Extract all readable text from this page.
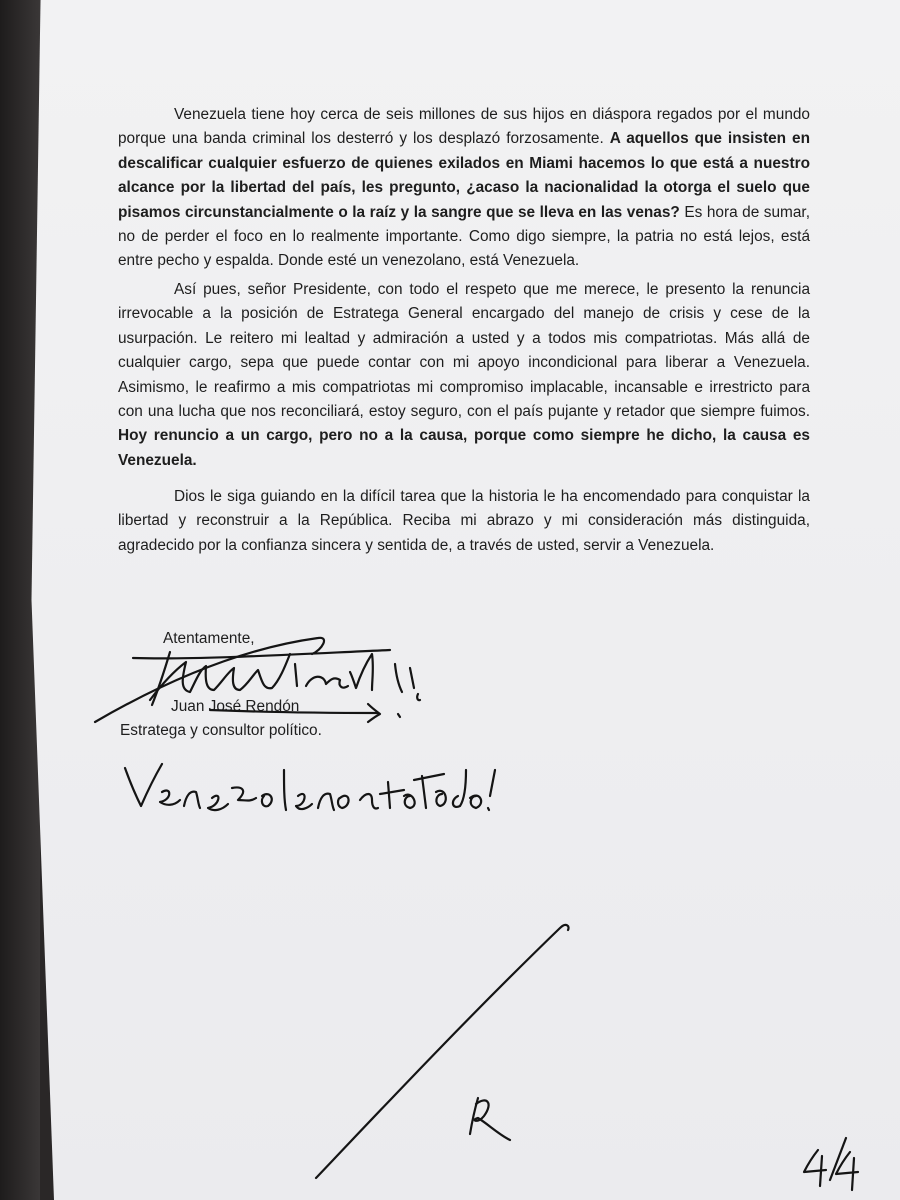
Venezuela tiene hoy cerca de seis millones de sus hijos en diáspora regados por el mundo porque una banda criminal los desterró y los desplazó forzosamente. A aquellos que insisten en descalificar cualquier esfuerzo de quienes exilados en Miami hacemos lo que está a nuestro alcance por la libertad del país, les pregunto, ¿acaso la nacionalidad la otorga el suelo que pisamos circunstancialmente o la raíz y la sangre que se lleva en las venas? Es hora de sumar, no de perder el foco en lo realmente importante. Como digo siempre, la patria no está lejos, está entre pecho y espalda. Donde esté un venezolano, está Venezuela.

Así pues, señor Presidente, con todo el respeto que me merece, le presento la renuncia irrevocable a la posición de Estratega General encargado del manejo de crisis y cese de la usurpación. Le reitero mi lealtad y admiración a usted y a todos mis compatriotas. Más allá de cualquier cargo, sepa que puede contar con mi apoyo incondicional para liberar a Venezuela. Asimismo, le reafirmo a mis compatriotas mi compromiso implacable, incansable e irrestricto para con una lucha que nos reconciliará, estoy seguro, con el país pujante y retador que siempre fuimos. Hoy renuncio a un cargo, pero no a la causa, porque como siempre he dicho, la causa es Venezuela.

Dios le siga guiando en la difícil tarea que la historia le ha encomendado para conquistar la libertad y reconstruir a la República. Reciba mi abrazo y mi consideración más distinguida, agradecido por la confianza sincera y sentida de, a través de usted, servir a Venezuela.

Atentamente,
Juan José Rendón
Estratega y consultor político.
